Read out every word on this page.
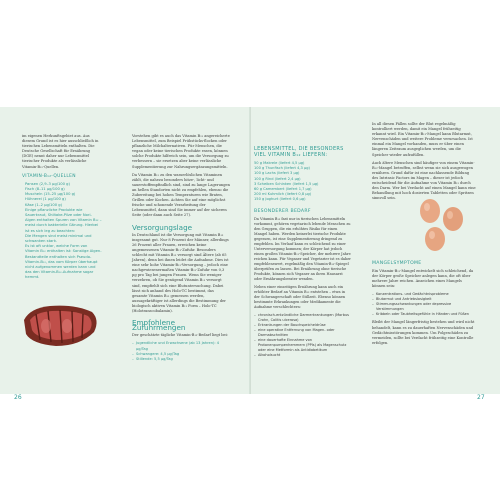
im eigenen Herkunftsgebiet aus. Aus diesem Grund ist es hier ausschließlich in tierischen Lebensmitteln enthalten. Die Deutsche Gesellschaft für Ernährung (DGE) nennt daher nur Lebensmittel tierischer Produkte als verlässliche Vitamin-B₁₂-Quellen.

VITAMIN-B₁₂-QUELLEN
Pansen (2,9–3 µg/100 g)
Fisch (8–11 µg/100 g)
Muscheln (15–25 µg/100 g)
Hühnerei (1 µg/100 g)
Käse (1–2 µg/100 g)
Einige pflanzliche Produkte wie Sauerkraut, Shiitake-Pilze oder Nori-Algen enthalten Spuren von Vitamin B₁₂ – meist durch bakterielle Gärung. Hierbei ist es sich leg zu beachten:
Die Mengen sind meist minimal und schwanken stark.
Es ist oft unklar, welche Form von Vitamin B₁₂ enthalten ist: Sonstige Algen-Bestandteile enthalten sich Pseudo-Vitamin-B₁₂, das vom Körper überhaupt nicht aufgenommen werden kann und das den Vitamin-B₁₂-Aufnahme sogar hemmt.

Vorstehen gibt es auch das Vitamin B₁₂ angereicherte Lebensmittel, zum Beispiel Frühstücks-flocken oder pflanzliche Milchalternativen. Für Menschen, die vegan oder keine tierischen Produkte essen, können solche Produkte hilfreich sein, um die Versorgung zu verbessern – sie ersetzen aber keine verlässliche Supplementierung zur Nahrungsergänzungsmitteln.

Da Vitamin B₁₂ zu den wasserlöslichen Vitaminen zählt, die nahezu besonders hitze-, licht- und sauerstoffempfindlich sind, sind zu lange Lagerungen an hellen Standorten nicht zu empfehlen, ebenso die Zubereitung bei hohen Temperaturen wie Braten, Grillen oder Kochen. Achten Sie auf eine möglichst frische und schonende Verarbeitung der Lebensmittel, dann sind Sie immer auf der sicheren Seite (oder dann auch Seite 27).

Versorgungslage

In Deutschland ist die Versorgung mit Vitamin B₁₂ insgesamt gut. Nur 8 Prozent der Männer, allerdings 26 Prozent aller Frauen, erreichen keine angemessenen Vitamin-B₁₂-Zufuhr. Besonders schlecht mit Vitamin B₁₂ versorgt sind Ältere (ab 65 Jahren), denn bei ihnen leidet die Aufnahme. Dies ist eine sehr hohe Vitamin-B₁₂-Versorgung – jedoch eine nachgewiesenermaßen Vitamin-B₁₂-Zufuhr von 0,3 µg pro Tag bei jungen Frauen. Wenn Sie weniger verzehren, ob Sie genügend Vitamin B₁₂ versorgt sind, empfiehlt sich eine Blutuntersuchung. Dabei lässt sich anhand des Holo-TC bestimmt, das gesamte Vitamin B₁₂ gemessen werden, aussagekräftiger ist allerdings die Bestimmung der biologisch aktiven Vitamin B₁₂ Form – Holo-TC (Holotranscobalamin).

Empfohlene Zufuhrmengen

Der geschätzte tägliche Vitamin-B₁₂-Bedarf liegt bei:

– Jugendliche und Erwachsene (ab 13 Jahren): 4 µg/Tag
– Schwangere: 4,5 µg/Tag
– Stillende: 5,5 µg/Tag
26
LEBENSMITTEL, DIE BESONDERS VIEL VITAMIN B₁₂ LIEFERN:
50 g Makrele (liefert 4,5 µg)
100 g Thunfisch (liefert 4,3 µg)
100 g Lachs (liefert 3 µg)
100 g Rind (liefert 2,4 µg)
3 Scheiben Schinken (liefert 1,5 µg)
60 g Camembert (liefert 1,7 µg)
200 ml Kuhmilch (liefert 0,8 µg)
150 g Joghurt (liefert 0,6 µg)
BESONDERER BEDARF

Da Vitamin B₁₂ fast nur in tierischen Lebensmitteln vorkommt, gehören vegetarisch lebende Menschen zu den Gruppen, die ein erhöhtes Risiko für einen Mangel haben. Werden keinerlei tierische Produkte gegessen, ist eine Supplementierung dringend zu empfehlen. Im Verlauf kann es schleichend zu einer Unterversorgung kommen; der Körper hat jedoch einen großen Vitamin-B₁₂-Speicher, der mehrere Jahre reichen kann. Für Veganer und Vegetarier ist es daher empfehlenswert, regelmäßig den Vitamin-B₁₂-Spiegel überprüfen zu lassen. Bei Ernährung ohne tierische Produkte, können sich Veganer an ihren Hausarzt oder Ernährungsberater wenden.

Neben einer einseitigen Ernährung kann auch ein erhöhter Bedarf an Vitamin B₁₂ entstehen – etwa in der Schwangerschaft oder Stillzeit. Ebenso können bestimmte Erkrankungen oder Medikamente die Aufnahme verschlechtern:

– chronisch-entzündliche Darmerkrankungen (Morbus Crohn, Colitis ulcerosa)
– Erkrankungen der Bauchspeicheldrüse
– eine operative Entfernung von Magen- oder Darmabschnitten
– eine dauerhafte Einnahme von Protonenpumpenhemmern (PPIs) als Magenschutz oder eine Metformin als Antidiabetikum
– Alkoholsucht

In all diesen Fällen sollte der Blut regelmäßig kontrolliert werden, damit ein Mangel frühzeitig erkannt wird. Ein Vitamin-B₁₂-Mangel kann Blutarmut, Nervenschäden und weitere Probleme verursachen. Ist einmal ein Mangel vorhanden, muss er über einen längeren Zeitraum ausgeglichen werden, um die Speicher wieder aufzufüllen.

Auch ältere Menschen sind häufiger von einem Vitamin-B₁₂-Mangel betroffen, selbst wenn sie sich ausgewogen ernähren. Grund dafür ist eine nachlassende Bildung des Intrinsic Factors im Magen – dieser ist jedoch entscheidend für die Aufnahme von Vitamin B₁₂ durch den Darm. Wer bei Verdacht auf einen Mangel kann eine Behandlung mit hoch dosierten Tabletten oder Spritzen sinnvoll sein.

MANGELSYMPTOME

Ein Vitamin-B₁₂-Mangel entwickelt sich schleichend, da der Körper große Speicher anlegen kann, die oft über mehrere Jahre reichen. Anzeichen eines Mangels können sein:

– Konzentrations- und Gedächtnisprobleme
– Blutarmut und Antriebslosigkeit
– Stimmungsschwankungen oder depressive Verstimmungen
– Kribbeln oder Taubheitsgefühle in Händen und Füßen

Bleibt der Mangel längerfristig bestehen und wird nicht behandelt, kann es zu dauerhaften Nervenschäden und Gedächtnisstörungen kommen. Um Folgeschäden zu vermeiden, sollte bei Verdacht frühzeitig eine Kontrolle erfolgen.

27
